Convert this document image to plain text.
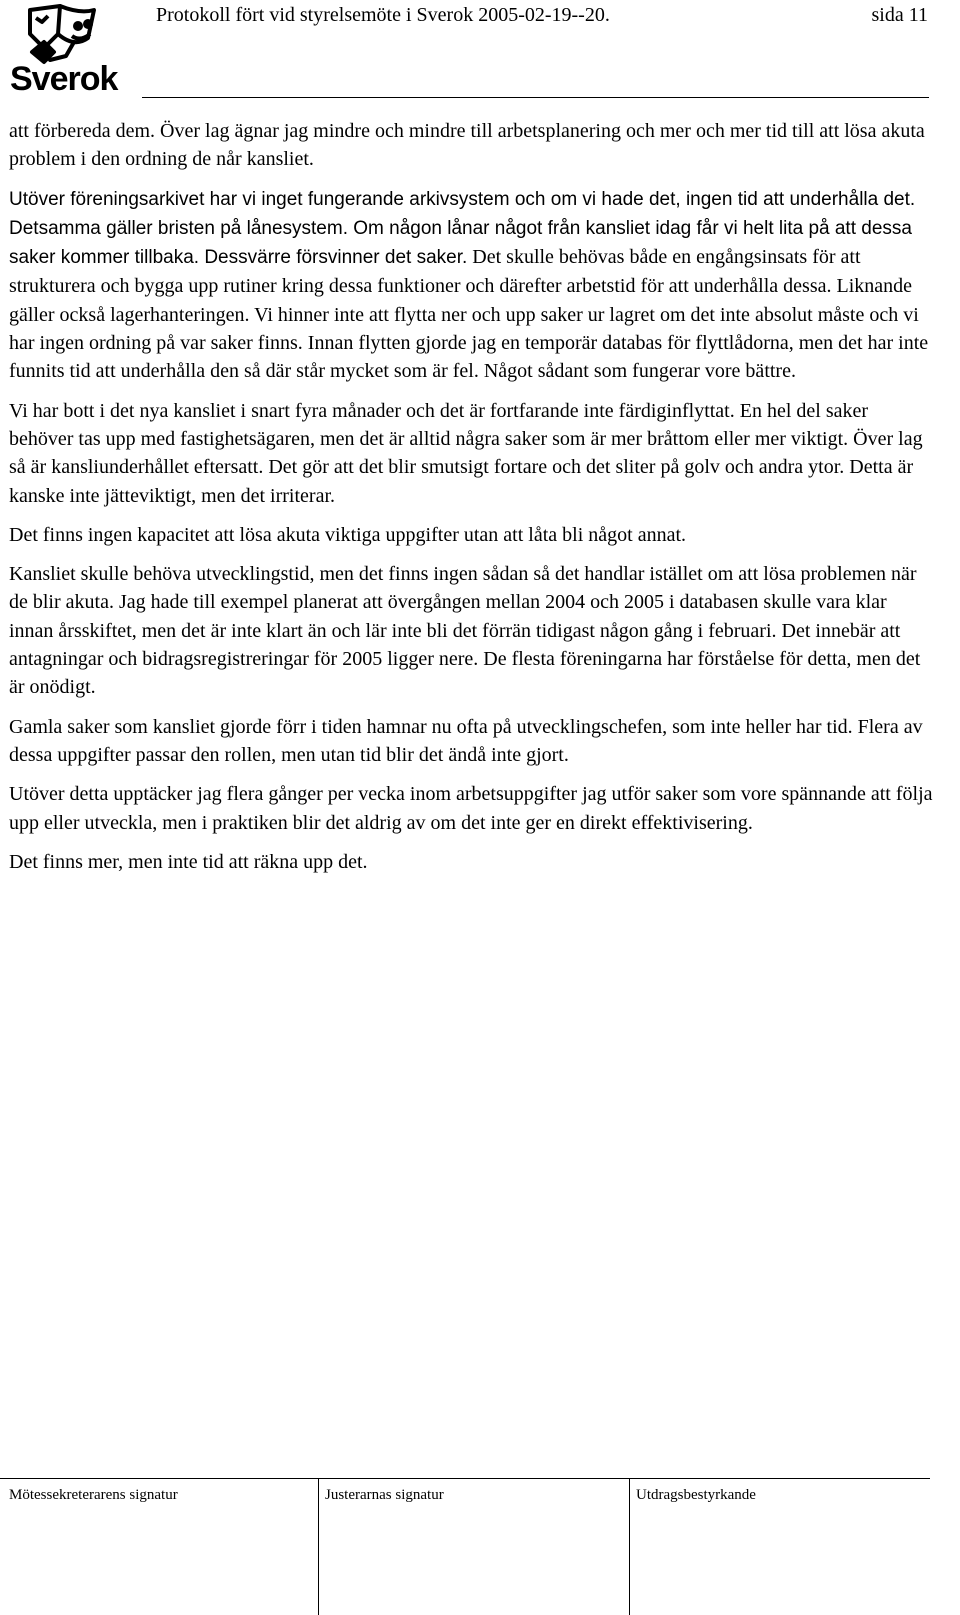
Sverok
Protokoll fört vid styrelsemöte i Sverok 2005-02-19--20.	sida 11

att förbereda dem. Över lag ägnar jag mindre och mindre till arbetsplanering och mer och mer tid till att lösa akuta problem i den ordning de når kansliet.

Utöver föreningsarkivet har vi inget fungerande arkivsystem och om vi hade det, ingen tid att underhålla det. Detsamma gäller bristen på lånesystem. Om någon lånar något från kansliet idag får vi helt lita på att dessa saker kommer tillbaka. Dessvärre försvinner det saker. Det skulle behövas både en engångsinsats för att strukturera och bygga upp rutiner kring dessa funktioner och därefter arbetstid för att underhålla dessa. Liknande gäller också lagerhanteringen. Vi hinner inte att flytta ner och upp saker ur lagret om det inte absolut måste och vi har ingen ordning på var saker finns. Innan flytten gjorde jag en temporär databas för flyttlådorna, men det har inte funnits tid att underhålla den så där står mycket som är fel. Något sådant som fungerar vore bättre.

Vi har bott i det nya kansliet i snart fyra månader och det är fortfarande inte färdiginflyttat. En hel del saker behöver tas upp med fastighetsägaren, men det är alltid några saker som är mer bråttom eller mer viktigt. Över lag så är kansliunderhållet eftersatt. Det gör att det blir smutsigt fortare och det sliter på golv och andra ytor. Detta är kanske inte jätteviktigt, men det irriterar.

Det finns ingen kapacitet att lösa akuta viktiga uppgifter utan att låta bli något annat.

Kansliet skulle behöva utvecklingstid, men det finns ingen sådan så det handlar istället om att lösa problemen när de blir akuta. Jag hade till exempel planerat att övergången mellan 2004 och 2005 i databasen skulle vara klar innan årsskiftet, men det är inte klart än och lär inte bli det förrän tidigast någon gång i februari. Det innebär att antagningar och bidragsregistreringar för 2005 ligger nere. De flesta föreningarna har förståelse för detta, men det är onödigt.

Gamla saker som kansliet gjorde förr i tiden hamnar nu ofta på utvecklingschefen, som inte heller har tid. Flera av dessa uppgifter passar den rollen, men utan tid blir det ändå inte gjort.

Utöver detta upptäcker jag flera gånger per vecka inom arbetsuppgifter jag utför saker som vore spännande att följa upp eller utveckla, men i praktiken blir det aldrig av om det inte ger en direkt effektivisering.

Det finns mer, men inte tid att räkna upp det.

Mötessekreterarens signatur	Justerarnas signatur	Utdragsbestyrkande
